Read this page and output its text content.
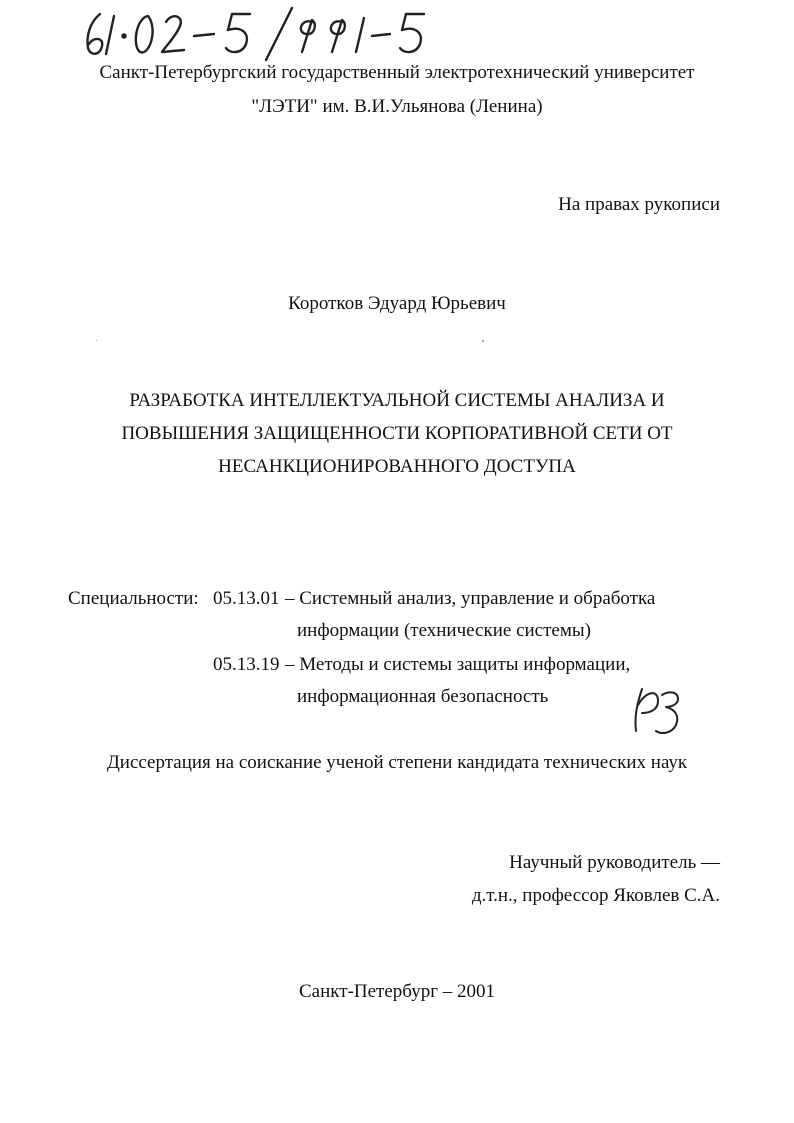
Санкт-Петербургский государственный электротехнический университет
"ЛЭТИ" им. В.И.Ульянова (Ленина)
На правах рукописи
Коротков Эдуард Юрьевич
РАЗРАБОТКА ИНТЕЛЛЕКТУАЛЬНОЙ СИСТЕМЫ АНАЛИЗА И
ПОВЫШЕНИЯ ЗАЩИЩЕННОСТИ КОРПОРАТИВНОЙ СЕТИ ОТ
НЕСАНКЦИОНИРОВАННОГО ДОСТУПА
Специальности: 05.13.01 – Системный анализ, управление и обработка
информации (технические системы)
05.13.19 – Методы и системы защиты информации,
информационная безопасность
Диссертация на соискание ученой степени кандидата технических наук
Научный руководитель —
д.т.н., профессор Яковлев С.А.
Санкт-Петербург – 2001
